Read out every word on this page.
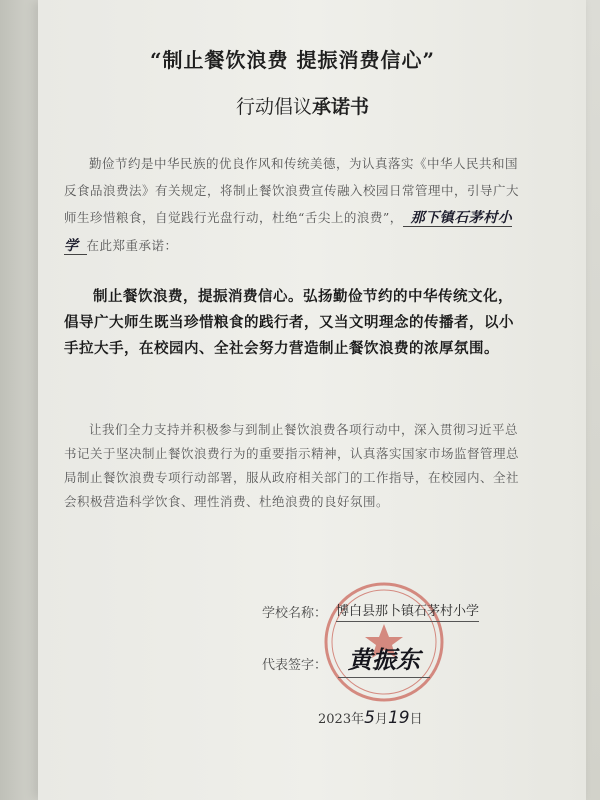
“制止餐饮浪费 提振消费信心”
行动倡议承诺书
勤俭节约是中华民族的优良作风和传统美德，为认真落实《中华人民共和国反食品浪费法》有关规定，将制止餐饮浪费宣传融入校园日常管理中，引导广大师生珍惜粮食，自觉践行光盘行动，杜绝“舌尖上的浪费”， 那下镇石茅村小学 在此郑重承诺：
制止餐饮浪费，提振消费信心。弘扬勤俭节约的中华传统文化，倡导广大师生既当珍惜粮食的践行者，又当文明理念的传播者，以小手拉大手，在校园内、全社会努力营造制止餐饮浪费的浓厚氛围。
让我们全力支持并积极参与到制止餐饮浪费各项行动中，深入贯彻习近平总书记关于坚决制止餐饮浪费行为的重要指示精神，认真落实国家市场监督管理总局制止餐饮浪费专项行动部署，服从政府相关部门的工作指导，在校园内、全社会积极营造科学饮食、理性消费、杜绝浪费的良好氛围。
学校名称： 博白县那卜镇石茅村小学
代表签字： 黄振东
2023年5月19日
